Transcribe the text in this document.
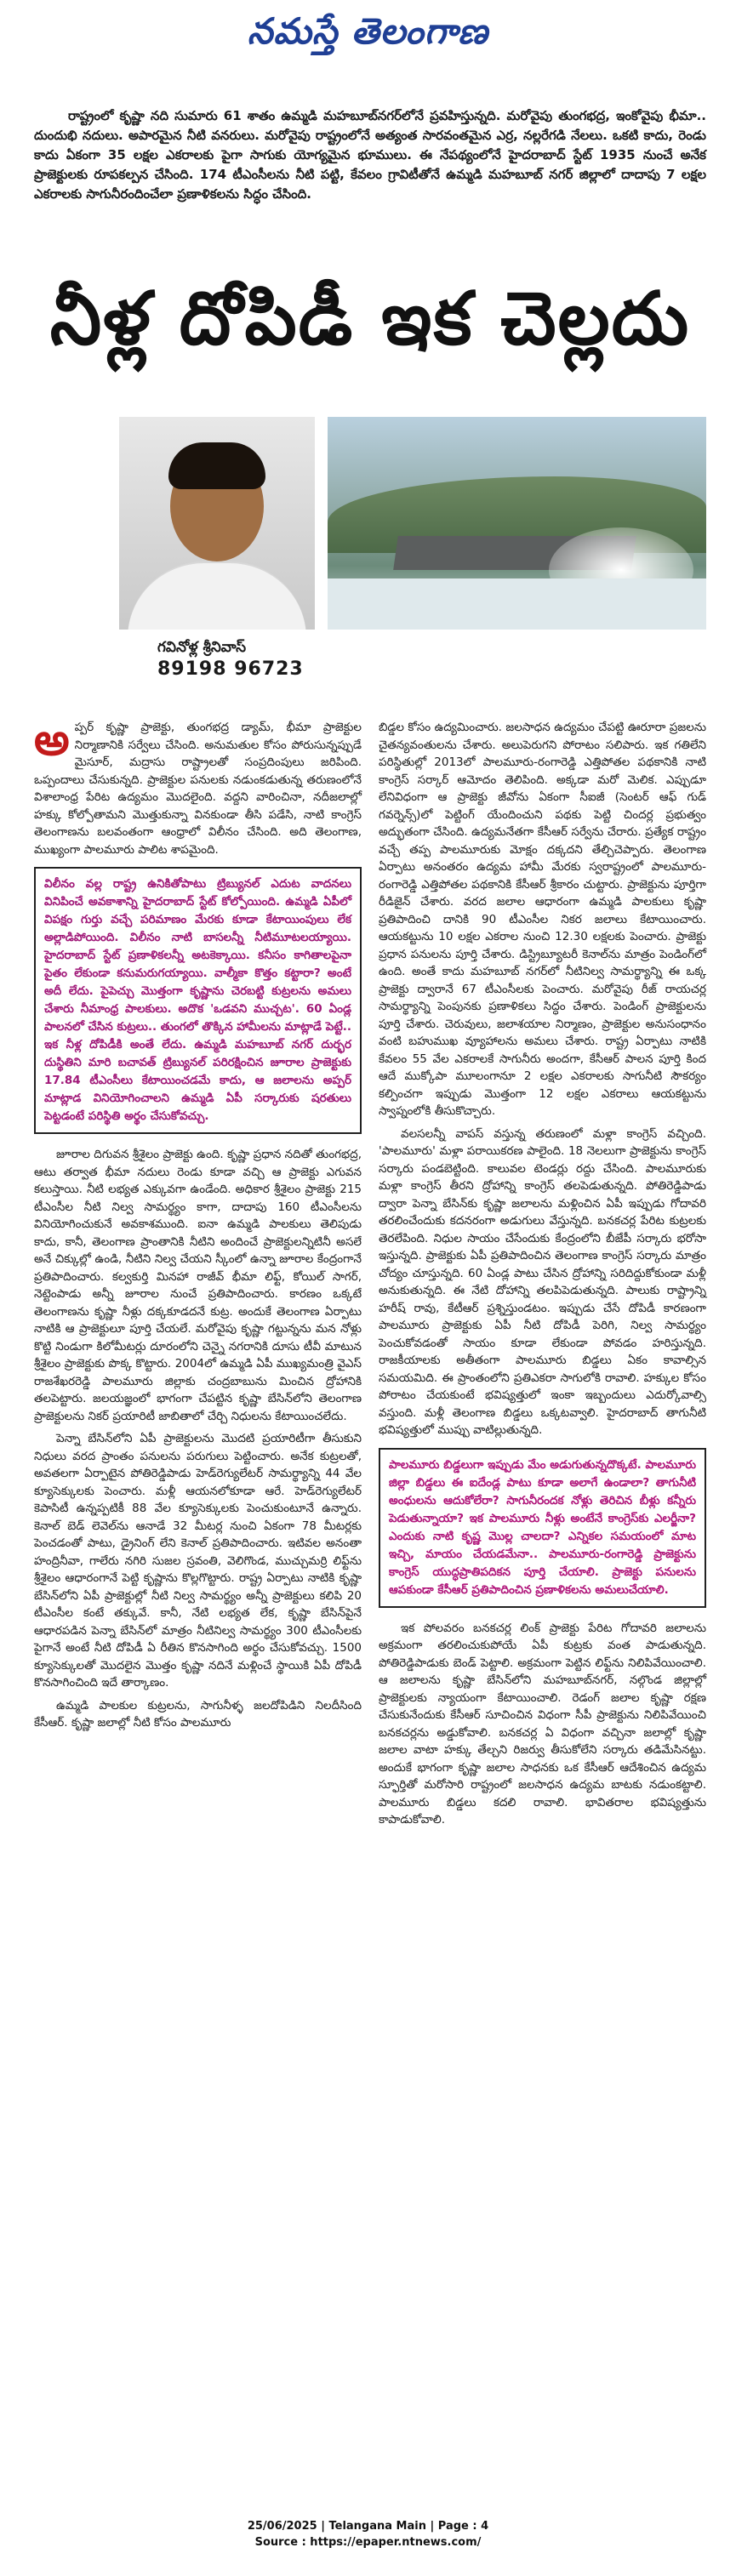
నమస్తే తెలంగాణ

రాష్ట్రంలో కృష్ణా నది సుమారు 61 శాతం ఉమ్మడి మహబూబ్‌నగర్‌లోనే ప్రవహిస్తున్నది. మరోవైపు తుంగభద్ర, ఇంకోవైపు భీమా.. దుందుభి నదులు. అపారమైన నీటి వనరులు. మరోవైపు రాష్ట్రంలోనే అత్యంత సారవంతమైన ఎర్ర, నల్లరేగడి నేలలు. ఒకటి కాదు, రెండు కాదు ఏకంగా 35 లక్షల ఎకరాలకు పైగా సాగుకు యోగ్యమైన భూములు. ఈ నేపథ్యంలోనే హైదరాబాద్ స్టేట్ 1935 నుంచే అనేక ప్రాజెక్టులకు రూపకల్పన చేసింది. 174 టీఎంసీలను నీటి పట్టి, కేవలం గ్రావిటీతోనే ఉమ్మడి మహబూబ్ నగర్ జిల్లాలో దాదాపు 7 లక్షల ఎకరాలకు సాగునీరందించేలా ప్రణాళికలను సిద్ధం చేసింది.

నీళ్ల దోపిడీ ఇక చెల్లదు
గవినోళ్ల శ్రీనివాస్
89198 96723

అప్పర్ కృష్ణా ప్రాజెక్టు, తుంగభద్ర డ్యామ్, భీమా ప్రాజెక్టుల నిర్మాణానికి సర్వేలు చేసింది. అనుమతుల కోసం పోరుసున్నప్పుడే మైసూర్, మద్రాసు రాష్ట్రాలతో సంప్రదింపులు జరిపింది. ఒప్పందాలు చేసుకున్నది. ప్రాజెక్టుల పనులకు నడుంకడుతున్న తరుణంలోనే విశాలాంధ్ర పేరిట ఉద్యమం మొదలైంది. వద్దని వారించినా, నదీజలాల్లో హక్కు కోల్పోతామని మొత్తుకున్నా వినకుండా తీసి పడేసి, నాటి కాంగ్రెస్ తెలంగాణను బలవంతంగా ఆంధ్రాలో విలీనం చేసింది. అది తెలంగాణ, ముఖ్యంగా పాలమూరు పాలిట శాపమైంది.

విలీనం వల్ల రాష్ట్ర ఉనికితోపాటు ట్రిబ్యునల్ ఎదుట వాదనలు వినిపించే అవకాశాన్ని హైదరాబాద్ స్టేట్ కోల్పోయింది. ఉమ్మడి ఏపీలో విపక్షం గుర్తు వచ్చే పరిమాణం మేరకు కూడా కేటాయింపులు లేక అల్లాడిపోయింది. విలీనం నాటి బాసలన్నీ నీటిమూటలయ్యాయి. హైదరాబాద్ స్టేట్ ప్రణాళికలన్నీ అటకెక్కాయి. కనీసం కాగితాలపైనా పైతం లేకుండా కనుమరుగయ్యాయి. వాల్మీకా కొత్తం కట్టారా? అంటే అదీ లేదు. పైపెచ్చు మొత్తంగా కృష్ణాను చెరబట్టి కుట్రలను అమలు చేశారు నీమాంధ్ర పాలకులు. అదొక 'ఒడవని ముచ్చట'. 60 ఏండ్ల పాలనలో చేసిన కుట్రలు.. తుంగలో తొక్కిన హామీలను మాట్లాడే పెట్టే.. ఇక నీళ్ల దోపిడీకి అంతే లేదు. ఉమ్మడి మహబూబ్ నగర్ దుర్భర దుస్థితిని మారి బచావత్ ట్రిబ్యునల్ పరిరక్షించిన జూరాల ప్రాజెక్టుకు 17.84 టీఎంసీలు కేటాయించడమే కాదు, ఆ జలాలను అప్పర్ మాట్లాడ వినియోగించాలని ఉమ్మడి ఏపీ సర్కారుకు షరతులు పెట్టడంటే పరిస్థితి అర్థం చేసుకోవచ్చు.

జూరాల దిగువన శ్రీశైలం ప్రాజెక్టు ఉంది. కృష్ణా ప్రధాన నదితో తుంగభద్ర, ఆటు తర్వాత భీమా నదులు రెండు కూడా వచ్చి ఆ ప్రాజెక్టు ఎగువన కలుస్తాయి. నీటి లభ్యత ఎక్కువగా ఉండేంది. అధికార శ్రీశైలం ప్రాజెక్టు 215 టీఎంసీల నీటి నిల్వ సామర్థ్యం కాగా, దాదాపు 160 టీఎంసీలను వినియోగించుకునే అవకాశముంది. ఐనా ఉమ్మడి పాలకులు తెలిపుడు కాదు, కానీ, తెలంగాణ ప్రాంతానికి నీటిని అందించే ప్రాజెక్టులన్నిటినీ అసలే అనే చిక్కుల్లో ఉండి, నీటిని నిల్వ చేయని స్కీంలో ఉన్నా జూరాల కేంద్రంగానే ప్రతిపాదించారు. కల్వకుర్తి మినహా రాజీవ్ భీమా లిఫ్ట్, కోయిల్ సాగర్, నెట్టెంపాడు అన్నీ జూరాల నుంచే ప్రతిపాదించారు. కారణం ఒక్కటే తెలంగాణను కృష్ణా నీళ్లు దక్కకూడదనే కుట్ర. అందుకే తెలంగాణ ఏర్పాటు నాటికి ఆ ప్రాజెక్టులూ పూర్తి చేయలే. మరోవైపు కృష్ణా గట్టున్నను మన నోళ్లు కొట్టి నిండుగా కిలోమీటర్లు దూరంలోని చెన్నై నగరానికి దూసు టీవీ మాటున శ్రీశైలం ప్రాజెక్టుకు పొక్క కొట్టారు. 2004లో ఉమ్మడి ఏపీ ముఖ్యమంత్రి వైఎస్ రాజశేఖరరెడ్డి పాలమూరు జిల్లాకు చంద్రబాబును మించిన ద్రోహానికి తలపెట్టారు. జలయజ్ఞంలో భాగంగా చేపట్టిన కృష్ణా బేసిన్‌లోని తెలంగాణ ప్రాజెక్టులను నికర్ ప్రయారిటీ జాబితాలో చేర్చి నిధులను కేటాయించలేదు.

పెన్నా బేసిన్‌లోని ఏపీ ప్రాజెక్టులను మొదటి ప్రయారిటీగా తీసుకుని నిధులు వరద ప్రాంతం పనులను పరుగులు పెట్టించారు. అనేక కుట్రలతో, అవతలగా ఏర్పాటైన పోతిరెడ్డిపాడు హెడ్‌రెగ్యులేటర్ సామర్థ్యాన్ని 44 వేల క్యూసెక్కులకు పెంచారు. మళ్లీ ఆయనలోకూడా ఆరే. హెడ్‌రెగ్యులేటర్ కెపాసిటీ ఉన్నప్పటికీ 88 వేల క్యూసెక్కులకు పెంచుకుంటూనే ఉన్నారు. కెనాల్ బెడ్ లెవెల్‌ను ఆనాడే 32 మీటర్ల నుంచి ఏకంగా 78 మీటర్లకు పెంచడంతో పాటు, డ్రైనింగ్ లేని కెనాల్ ప్రతిపాదించారు. ఇటివల అనంతా హంద్రినీవా, గాలేరు నగిరి సుజల స్రవంతి, వెలిగొండ, ముచ్చుమర్రి లిఫ్ట్‌ను శ్రీశైలం ఆధారంగానే పెట్టి కృష్ణాను కొల్లగొట్టారు. రాష్ట్ర ఏర్పాటు నాటికి కృష్ణా బేసిన్‌లోని ఏపీ ప్రాజెక్టుల్లో నీటి నిల్వ సామర్థ్యం అన్నీ ప్రాజెక్టులు కలిపి 20 టీఎంసీల కంటే తక్కువే. కానీ, నేటి లభ్యత లేక, కృష్ణా బేసిన్‌పైనే ఆధారపడిన పెన్నా బేసిన్‌లో మాత్రం నీటినిల్వ సామర్థ్యం 300 టీఎంసీలకు పైగానే అంటే నీటి దోపిడీ ఏ రీతిన కొనసాగింది అర్థం చేసుకోవచ్చు. 1500 క్యూసెక్కులతో మొదలైన మొత్తం కృష్ణా నదినే మళ్లించే స్థాయికి ఏపీ దోపిడీ కొనసాగించింది ఇదే తార్కాణం.

ఉమ్మడి పాలకుల కుట్రలను, సాగునీళ్ళ జలదోపిడిని నిలదీసింది కేసీఆర్. కృష్ణా జలాల్లో నీటి కోసం పాలమూరు

బిడ్డల కోసం ఉద్యమించారు. జలసాధన ఉద్యమం చేపట్టి ఊరూరా ప్రజలను చైతన్యవంతులను చేశారు. అలుపెరుగని పోరాటం సలిపారు. ఇక గతిలేని పరిస్థితుల్లో 2013లో పాలమూరు-రంగారెడ్డి ఎత్తిపోతల పథకానికి నాటి కాంగ్రెస్ సర్కార్ ఆమోదం తెలిపింది. అక్కడా మరో మెలిక. ఎప్పుడూ లేనివిధంగా ఆ ప్రాజెక్టు జీవోను ఏకంగా సీఐజీ (సెంటర్ ఆఫ్ గుడ్ గవర్నెన్స్)లో పెట్టింగ్ యేందించుని పథకు పెట్టి చిందర్ల ప్రభుత్వం అద్భుతంగా చేసింది. ఉద్యమనేతగా కేసీఆర్ సర్వేను చేరారు. ప్రత్యేక రాష్ట్రం వచ్చే తప్ప పాలమూరుకు మోక్షం దక్కదని తేల్చిచెప్పారు. తెలంగాణ ఏర్పాటు అనంతరం ఉద్యమ హామీ మేరకు స్వరాష్ట్రంలో పాలమూరు-రంగారెడ్డి ఎత్తిపోతల పథకానికి కేసీఆర్ శ్రీకారం చుట్టారు. ప్రాజెక్టును పూర్తిగా రీడిజైన్ చేశారు. వరద జలాల ఆధారంగా ఉమ్మడి పాలకులు కృష్ణా ప్రతిపాదించి దానికి 90 టీఎంసీల నికర జలాలు కేటాయించారు. ఆయకట్టును 10 లక్షల ఎకరాల నుంచి 12.30 లక్షలకు పెంచారు. ప్రాజెక్టు ప్రధాన పనులను పూర్తి చేశారు. డిస్ట్రిబ్యూటరీ కెనాల్‌ను మాత్రం పెండింగ్‌లో ఉంది. అంతే కాదు మహబూబ్ నగర్‌లో నీటినిల్వ సామర్థ్యాన్ని ఈ ఒక్క ప్రాజెక్టు ద్వారానే 67 టీఎంసీలకు పెంచారు. మరోవైపు రీజ్ రాయచర్ల సామర్థ్యాన్ని పెంపునకు ప్రణాళికలు సిద్ధం చేశారు. పెండింగ్ ప్రాజెక్టులను పూర్తి చేశారు. చెరువులు, జలాశయాల నిర్మాణం, ప్రాజెక్టుల అనుసంధానం వంటి బహుముఖ వ్యూహాలను అమలు చేశారు. రాష్ట్ర ఏర్పాటు నాటికి కేవలం 55 వేల ఎకరాలకే సాగునీరు అందగా, కేసీఆర్ పాలన పూర్తి కింద ఆదే ముక్కోపా మూలంగానూ 2 లక్షల ఎకరాలకు సాగునీటి సౌకర్యం కల్పించగా ఇప్పుడు మొత్తంగా 12 లక్షల ఎకరాలు ఆయకట్టును స్వాప్నంలోకి తీసుకొచ్చారు.

వలసలన్నీ వాపస్ వస్తున్న తరుణంలో మళ్లా కాంగ్రెస్ వచ్చింది. 'పాలమూరు' మళ్లా పరాయికరణ పాలైంది. 18 నెలలుగా ప్రాజెక్టును కాంగ్రెస్ సర్కారు పండబెట్టింది. కాలువల టెండర్లు రద్దు చేసింది. పాలమూరుకు మళ్లా కాంగ్రెస్ తీరని ద్రోహాన్ని కాంగ్రెస్ తలపెడుతున్నది. పోతిరెడ్డిపాడు ద్వారా పెన్నా బేసిన్‌కు కృష్ణా జలాలను మళ్లించిన ఏపీ ఇప్పుడు గోదావరి తరలించేందుకు కదనరంగా అడుగులు వేస్తున్నది. బనకచర్ల పేరిట కుట్రలకు తెరలేపింది. నిధుల సాయం చేసేందుకు కేంద్రంలోని బీజేపీ సర్కారు భరోసా ఇస్తున్నది. ప్రాజెక్టుకు ఏపీ ప్రతిపాదించిన తెలంగాణ కాంగ్రెస్ సర్కారు మాత్రం చోద్యం చూస్తున్నది. 60 ఏండ్ల పాటు చేసిన ద్రోహాన్ని సరిదిద్దుకోకుండా మళ్లీ అనుకుతున్నది. ఈ నేటి దోహాన్ని తలపిపెడుతున్నది. పాలుకు రాష్ట్రాన్ని హరీష్ రావు, కేటీఆర్ ప్రశ్నిస్తుండటం. ఇప్పుడు చేసే దోపిడీ కారణంగా పాలమూరు ప్రాజెక్టుకు ఏపీ నీటి దోపిడీ పెరిగి, నిల్వ సామర్థ్యం పెంచుకోవడంతో సాయం కూడా లేకుండా పోవడం హరిస్తున్నది. రాజకీయాలకు అతీతంగా పాలమూరు బిడ్డలు ఏకం కావాల్సిన సమయమిది. ఈ ప్రాంతంలోని ప్రతిఎకరా సాగులోకి రావాలి. హక్కుల కోసం పోరాటం చేయకుంటే భవిష్యత్తులో ఇంకా ఇబ్బందులు ఎదుర్కోవాల్సి వస్తుంది. మళ్లీ తెలంగాణ బిడ్డలు ఒక్కటవ్వాలి. హైదరాబాద్ తాగునీటి భవిష్యత్తులో ముప్పు వాటిల్లుతున్నది.

పాలమూరు బిడ్డలుగా ఇప్పుడు మేం అడుగుతున్నదొక్కటే. పాలమూరు జిల్లా బిడ్డలు ఈ ఐదేండ్ల పాటు కూడా అలాగే ఉండాలా? తాగునీటి అంధులను ఆదుకోలేరా? సాగునీరందక నోళ్లు తెరిచిన బీళ్లు కన్నీరు పెడుతున్నాయా? ఇక పాలమూరు నీళ్లు అంటేనే కాంగ్రెస్‌కు ఎలర్జీనా? ఎందుకు నాటి కృష్ణ మొల్ల చాలదా? ఎన్నికల సమయంలో మాట ఇచ్చి, మాయం చేయడమేనా.. పాలమూరు-రంగారెడ్డి ప్రాజెక్టును కాంగ్రెస్ యుద్ధప్రాతిపదికన పూర్తి చేయాలి. ప్రాజెక్టు పనులను ఆపకుండా కేసీఆర్ ప్రతిపాదించిన ప్రణాళికలను అమలుచేయాలి.

ఇక పోలవరం బనకచర్ల లింక్ ప్రాజెక్టు పేరిట గోదావరి జలాలను అక్రమంగా తరలించుకుపోయే ఏపీ కుట్రకు వంత పాడుతున్నది. పోతిరెడ్డిపాడుకు బెండ్ పెట్టాలి. అక్రమంగా పెట్టిన లిఫ్ట్‌ను నిలిపివేయించాలి. ఆ జలాలను కృష్ణా బేసిన్‌లోని మహబూబ్‌నగర్, నల్గొండ జిల్లాల్లో ప్రాజెక్టులకు న్యాయంగా కేటాయించాలి. రెడంగ్ జలాల కృష్ణా రక్షణ చేసుకునేందుకు కేసీఆర్ సూచించిన విధంగా సీపీ ప్రాజెక్టును నిలిపివేయించి బనకచర్లను అడ్డుకోవాలి. బనకచర్ల ఏ విధంగా వచ్చినా జలాల్లో కృష్ణా జలాల వాటా హక్కు తేల్చని రిజర్వు తీసుకోలేని సర్కారు తడిమేసినట్టు. అందుకే భాగంగా కృష్ణా జలాల సాధనకు ఒక కేసీఆర్ ఆదేశించిన ఉద్యమ స్ఫూర్తితో మరోసారి రాష్ట్రంలో జలసాధన ఉద్యమ బాటకు నడుంకట్టాలి. పాలమూరు బిడ్డలు కదలి రావాలి. భావితరాల భవిష్యత్తును కాపాడుకోవాలి.

25/06/2025 | Telangana Main | Page : 4
Source : https://epaper.ntnews.com/
